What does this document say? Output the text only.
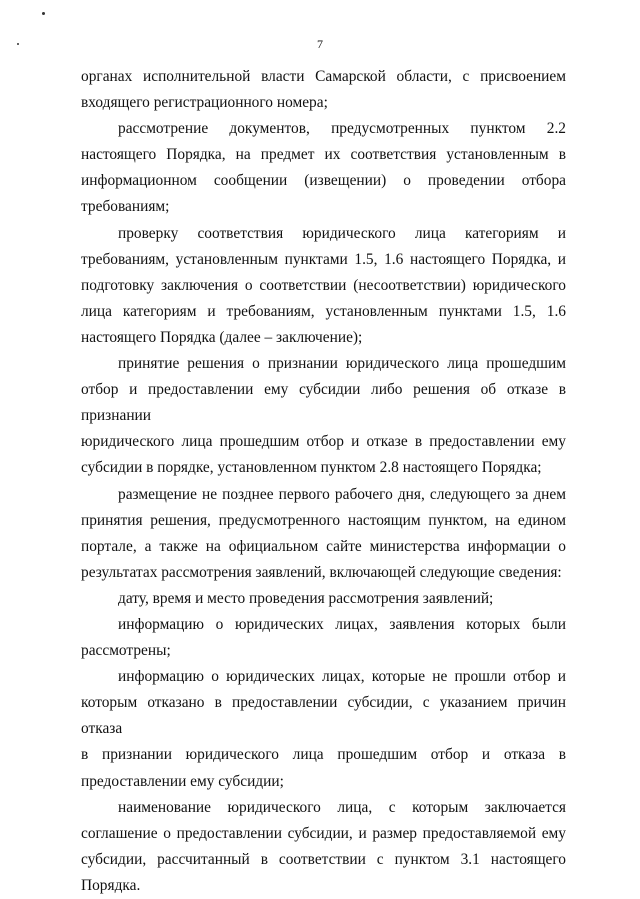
7

органах исполнительной власти Самарской области, с присвоением
входящего регистрационного номера;

рассмотрение документов, предусмотренных пунктом 2.2
настоящего Порядка, на предмет их соответствия установленным в
информационном сообщении (извещении) о проведении отбора
требованиям;

проверку соответствия юридического лица категориям и
требованиям, установленным пунктами 1.5, 1.6 настоящего Порядка, и
подготовку заключения о соответствии (несоответствии) юридического
лица категориям и требованиям, установленным пунктами 1.5, 1.6
настоящего Порядка (далее – заключение);

принятие решения о признании юридического лица прошедшим
отбор и предоставлении ему субсидии либо решения об отказе в признании
юридического лица прошедшим отбор и отказе в предоставлении ему
субсидии в порядке, установленном пунктом 2.8 настоящего Порядка;

размещение не позднее первого рабочего дня, следующего за днем
принятия решения, предусмотренного настоящим пунктом, на едином
портале, а также на официальном сайте министерства информации о
результатах рассмотрения заявлений, включающей следующие сведения:

дату, время и место проведения рассмотрения заявлений;

информацию о юридических лицах, заявления которых были
рассмотрены;

информацию о юридических лицах, которые не прошли отбор и
которым отказано в предоставлении субсидии, с указанием причин отказа
в признании юридического лица прошедшим отбор и отказа в
предоставлении ему субсидии;

наименование юридического лица, с которым заключается
соглашение о предоставлении субсидии, и размер предоставляемой ему
субсидии, рассчитанный в соответствии с пунктом 3.1 настоящего
Порядка.
